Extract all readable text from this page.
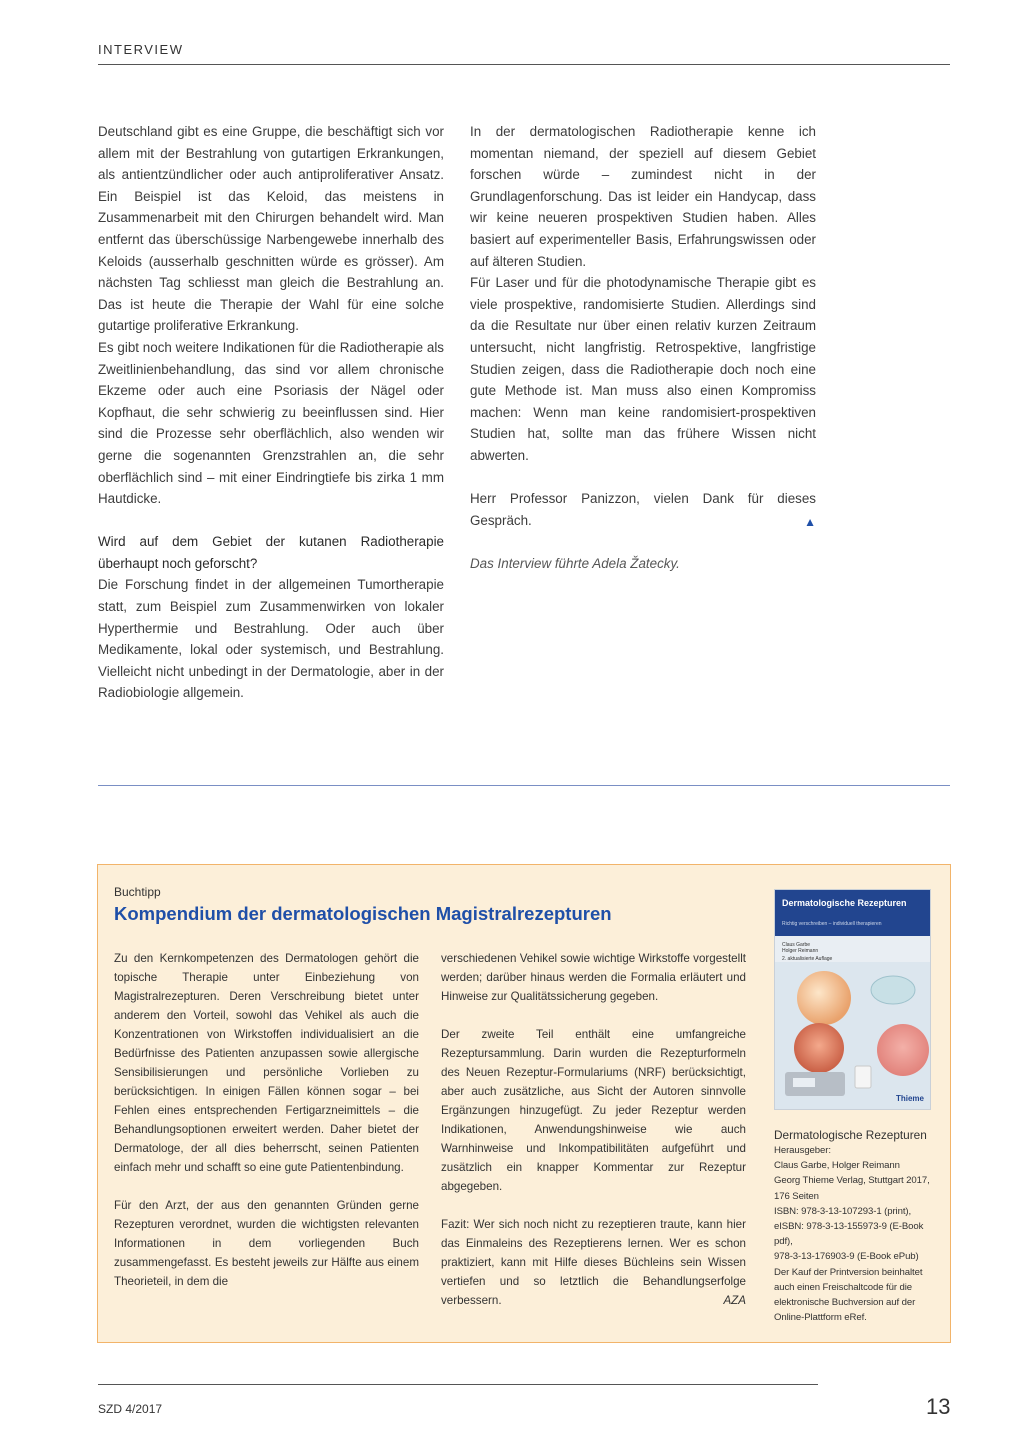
INTERVIEW

Deutschland gibt es eine Gruppe, die beschäftigt sich vor allem mit der Bestrahlung von gutartigen Erkrankungen, als antientzündlicher oder auch antiproliferativer Ansatz. Ein Beispiel ist das Keloid, das meistens in Zusammenarbeit mit den Chirurgen behandelt wird. Man entfernt das überschüssige Narbengewebe innerhalb des Keloids (ausserhalb geschnitten würde es grösser). Am nächsten Tag schliesst man gleich die Bestrahlung an. Das ist heute die Therapie der Wahl für eine solche gutartige proliferative Erkrankung.

Es gibt noch weitere Indikationen für die Radiotherapie als Zweitlinienbehandlung, das sind vor allem chronische Ekzeme oder auch eine Psoriasis der Nägel oder Kopfhaut, die sehr schwierig zu beeinflussen sind. Hier sind die Prozesse sehr oberflächlich, also wenden wir gerne die sogenannten Grenzstrahlen an, die sehr oberflächlich sind – mit einer Eindringtiefe bis zirka 1 mm Hautdicke.

Wird auf dem Gebiet der kutanen Radiotherapie überhaupt noch geforscht?

Die Forschung findet in der allgemeinen Tumortherapie statt, zum Beispiel zum Zusammenwirken von lokaler Hyperthermie und Bestrahlung. Oder auch über Medikamente, lokal oder systemisch, und Bestrahlung. Vielleicht nicht unbedingt in der Dermatologie, aber in der Radiobiologie allgemein.

In der dermatologischen Radiotherapie kenne ich momentan niemand, der speziell auf diesem Gebiet forschen würde – zumindest nicht in der Grundlagenforschung. Das ist leider ein Handycap, dass wir keine neueren prospektiven Studien haben. Alles basiert auf experimenteller Basis, Erfahrungswissen oder auf älteren Studien.

Für Laser und für die photodynamische Therapie gibt es viele prospektive, randomisierte Studien. Allerdings sind da die Resultate nur über einen relativ kurzen Zeitraum untersucht, nicht langfristig. Retrospektive, langfristige Studien zeigen, dass die Radiotherapie doch noch eine gute Methode ist. Man muss also einen Kompromiss machen: Wenn man keine randomisiert-prospektiven Studien hat, sollte man das frühere Wissen nicht abwerten.

Herr Professor Panizzon, vielen Dank für dieses Gespräch.	▲

Das Interview führte Adela Žatecky.

Buchtipp
Kompendium der dermatologischen Magistralrezepturen

Zu den Kernkompetenzen des Dermatologen gehört die topische Therapie unter Einbeziehung von Magistralrezepturen. Deren Verschreibung bietet unter anderem den Vorteil, sowohl das Vehikel als auch die Konzentrationen von Wirkstoffen individualisiert an die Bedürfnisse des Patienten anzupassen sowie allergische Sensibilisierungen und persönliche Vorlieben zu berücksichtigen. In einigen Fällen können sogar – bei Fehlen eines entsprechenden Fertigarzneimittels – die Behandlungsoptionen erweitert werden. Daher bietet der Dermatologe, der all dies beherrscht, seinen Patienten einfach mehr und schafft so eine gute Patientenbindung.

Für den Arzt, der aus den genannten Gründen gerne Rezepturen verordnet, wurden die wichtigsten relevanten Informationen in dem vorliegenden Buch zusammengefasst. Es besteht jeweils zur Hälfte aus einem Theorieteil, in dem die

verschiedenen Vehikel sowie wichtige Wirkstoffe vorgestellt werden; darüber hinaus werden die Formalia erläutert und Hinweise zur Qualitätssicherung gegeben.

Der zweite Teil enthält eine umfangreiche Rezeptursammlung. Darin wurden die Rezepturformeln des Neuen Rezeptur-Formulariums (NRF) berücksichtigt, aber auch zusätzliche, aus Sicht der Autoren sinnvolle Ergänzungen hinzugefügt. Zu jeder Rezeptur werden Indikationen, Anwendungshinweise wie auch Warnhinweise und Inkompatibilitäten aufgeführt und zusätzlich ein knapper Kommentar zur Rezeptur abgegeben.

Fazit: Wer sich noch nicht zu rezeptieren traute, kann hier das Einmaleins des Rezeptierens lernen. Wer es schon praktiziert, kann mit Hilfe dieses Büchleins sein Wissen vertiefen und so letztlich die Behandlungserfolge verbessern.	AZA

Dermatologische Rezepturen
Richtig verschreiben – individuell therapieren
Claus Garbe
Holger Reimann
2. aktualisierte Auflage
Thieme
Dermatologische Rezepturen
Herausgeber:
Claus Garbe, Holger Reimann
Georg Thieme Verlag, Stuttgart 2017,
176 Seiten
ISBN: 978-3-13-107293-1 (print),
eISBN: 978-3-13-155973-9 (E-Book pdf),
978-3-13-176903-9 (E-Book ePub)
Der Kauf der Printversion beinhaltet
auch einen Freischaltcode für die
elektronische Buchversion auf der
Online-Plattform eRef.
SZD 4/2017	13
